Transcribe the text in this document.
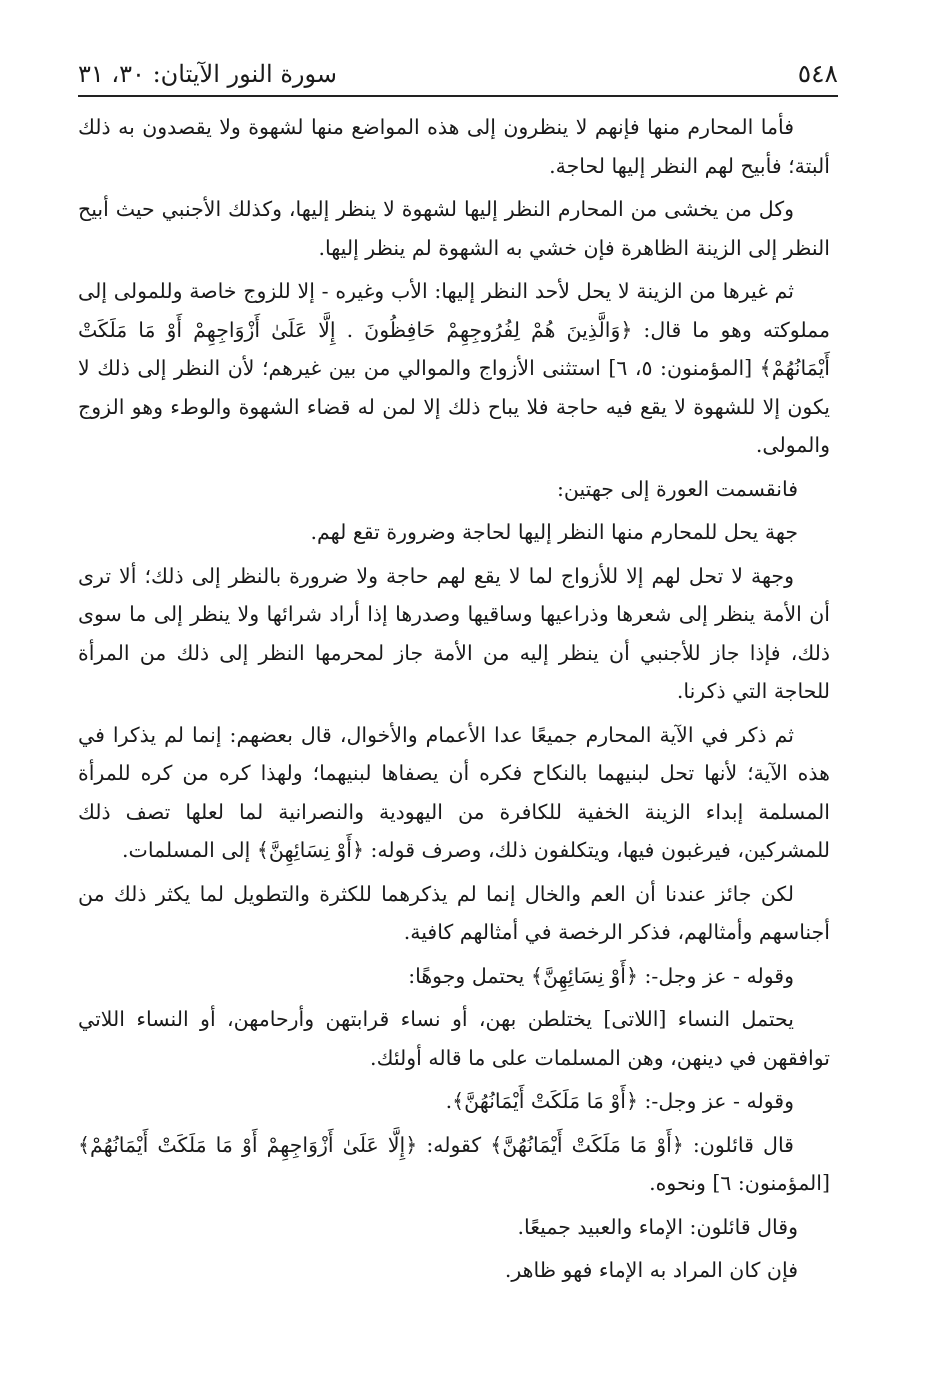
٥٤٨
سورة النور الآيتان: ٣٠، ٣١

فأما المحارم منها فإنهم لا ينظرون إلى هذه المواضع منها لشهوة ولا يقصدون به ذلك ألبتة؛ فأبيح لهم النظر إليها لحاجة.

وكل من يخشى من المحارم النظر إليها لشهوة لا ينظر إليها، وكذلك الأجنبي حيث أبيح النظر إلى الزينة الظاهرة فإن خشي به الشهوة لم ينظر إليها.

ثم غيرها من الزينة لا يحل لأحد النظر إليها: الأب وغيره - إلا للزوج خاصة وللمولى إلى مملوكته وهو ما قال: ﴿وَالَّذِينَ هُمْ لِفُرُوجِهِمْ حَافِظُونَ . إِلَّا عَلَىٰ أَزْوَاجِهِمْ أَوْ مَا مَلَكَتْ أَيْمَانُهُمْ﴾ [المؤمنون: ٥، ٦] استثنى الأزواج والموالي من بين غيرهم؛ لأن النظر إلى ذلك لا يكون إلا للشهوة لا يقع فيه حاجة فلا يباح ذلك إلا لمن له قضاء الشهوة والوطء وهو الزوج والمولى.

فانقسمت العورة إلى جهتين:

جهة يحل للمحارم منها النظر إليها لحاجة وضرورة تقع لهم.

وجهة لا تحل لهم إلا للأزواج لما لا يقع لهم حاجة ولا ضرورة بالنظر إلى ذلك؛ ألا ترى أن الأمة ينظر إلى شعرها وذراعيها وساقيها وصدرها إذا أراد شرائها ولا ينظر إلى ما سوى ذلك، فإذا جاز للأجنبي أن ينظر إليه من الأمة جاز لمحرمها النظر إلى ذلك من المرأة للحاجة التي ذكرنا.

ثم ذكر في الآية المحارم جميعًا عدا الأعمام والأخوال، قال بعضهم: إنما لم يذكرا في هذه الآية؛ لأنها تحل لبنيهما بالنكاح فكره أن يصفاها لبنيهما؛ ولهذا كره من كره للمرأة المسلمة إبداء الزينة الخفية للكافرة من اليهودية والنصرانية لما لعلها تصف ذلك للمشركين، فيرغبون فيها، ويتكلفون ذلك، وصرف قوله: ﴿أَوْ نِسَائِهِنَّ﴾ إلى المسلمات.

لكن جائز عندنا أن العم والخال إنما لم يذكرهما للكثرة والتطويل لما يكثر ذلك من أجناسهم وأمثالهم، فذكر الرخصة في أمثالهم كافية.

وقوله - عز وجل-: ﴿أَوْ نِسَائِهِنَّ﴾ يحتمل وجوهًا:

يحتمل النساء [اللاتى] يختلطن بهن، أو نساء قرابتهن وأرحامهن، أو النساء اللاتي توافقهن في دينهن، وهن المسلمات على ما قاله أولئك.

وقوله - عز وجل-: ﴿أَوْ مَا مَلَكَتْ أَيْمَانُهُنَّ﴾.

قال قائلون: ﴿أَوْ مَا مَلَكَتْ أَيْمَانُهُنَّ﴾ كقوله: ﴿إِلَّا عَلَىٰ أَزْوَاجِهِمْ أَوْ مَا مَلَكَتْ أَيْمَانُهُمْ﴾ [المؤمنون: ٦] ونحوه.

وقال قائلون: الإماء والعبيد جميعًا.

فإن كان المراد به الإماء فهو ظاهر.
